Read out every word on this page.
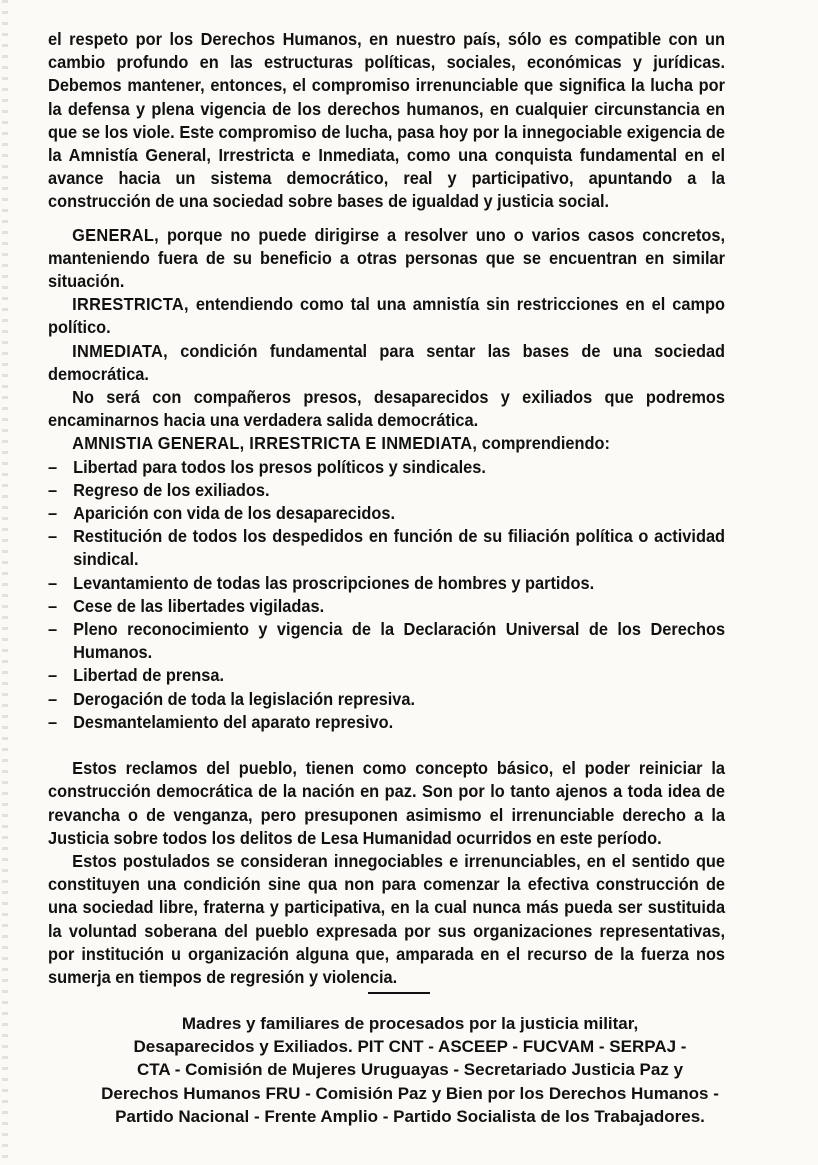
el respeto por los Derechos Humanos, en nuestro país, sólo es compatible con un cambio profundo en las estructuras políticas, sociales, económicas y jurídicas. Debemos mantener, entonces, el compromiso irrenunciable que significa la lucha por la defensa y plena vigencia de los derechos humanos, en cualquier circunstancia en que se los viole. Este compromiso de lucha, pasa hoy por la innegociable exigencia de la Amnistía General, Irrestricta e Inmediata, como una conquista fundamental en el avance hacia un sistema democrático, real y participativo, apuntando a la construcción de una sociedad sobre bases de igualdad y justicia social.

GENERAL, porque no puede dirigirse a resolver uno o varios casos concretos, manteniendo fuera de su beneficio a otras personas que se encuentran en similar situación.

IRRESTRICTA, entendiendo como tal una amnistía sin restricciones en el campo político.

INMEDIATA, condición fundamental para sentar las bases de una sociedad democrática.

No será con compañeros presos, desaparecidos y exiliados que podremos encaminarnos hacia una verdadera salida democrática.

AMNISTIA GENERAL, IRRESTRICTA E INMEDIATA, comprendiendo:

– Libertad para todos los presos políticos y sindicales.
– Regreso de los exiliados.
– Aparición con vida de los desaparecidos.
– Restitución de todos los despedidos en función de su filiación política o actividad sindical.
– Levantamiento de todas las proscripciones de hombres y partidos.
– Cese de las libertades vigiladas.
– Pleno reconocimiento y vigencia de la Declaración Universal de los Derechos Humanos.
– Libertad de prensa.
– Derogación de toda la legislación represiva.
– Desmantelamiento del aparato represivo.

Estos reclamos del pueblo, tienen como concepto básico, el poder reiniciar la construcción democrática de la nación en paz. Son por lo tanto ajenos a toda idea de revancha o de venganza, pero presuponen asimismo el irrenunciable derecho a la Justicia sobre todos los delitos de Lesa Humanidad ocurridos en este período.

Estos postulados se consideran innegociables e irrenunciables, en el sentido que constituyen una condición sine qua non para comenzar la efectiva construcción de una sociedad libre, fraterna y participativa, en la cual nunca más pueda ser sustituida la voluntad soberana del pueblo expresada por sus organizaciones representativas, por institución u organización alguna que, amparada en el recurso de la fuerza nos sumerja en tiempos de regresión y violencia.

Madres y familiares de procesados por la justicia militar,
Desaparecidos y Exiliados. PIT CNT - ASCEEP - FUCVAM - SERPAJ -
CTA - Comisión de Mujeres Uruguayas - Secretariado Justicia Paz y
Derechos Humanos FRU - Comisión Paz y Bien por los Derechos Humanos -
Partido Nacional - Frente Amplio - Partido Socialista de los Trabajadores.
